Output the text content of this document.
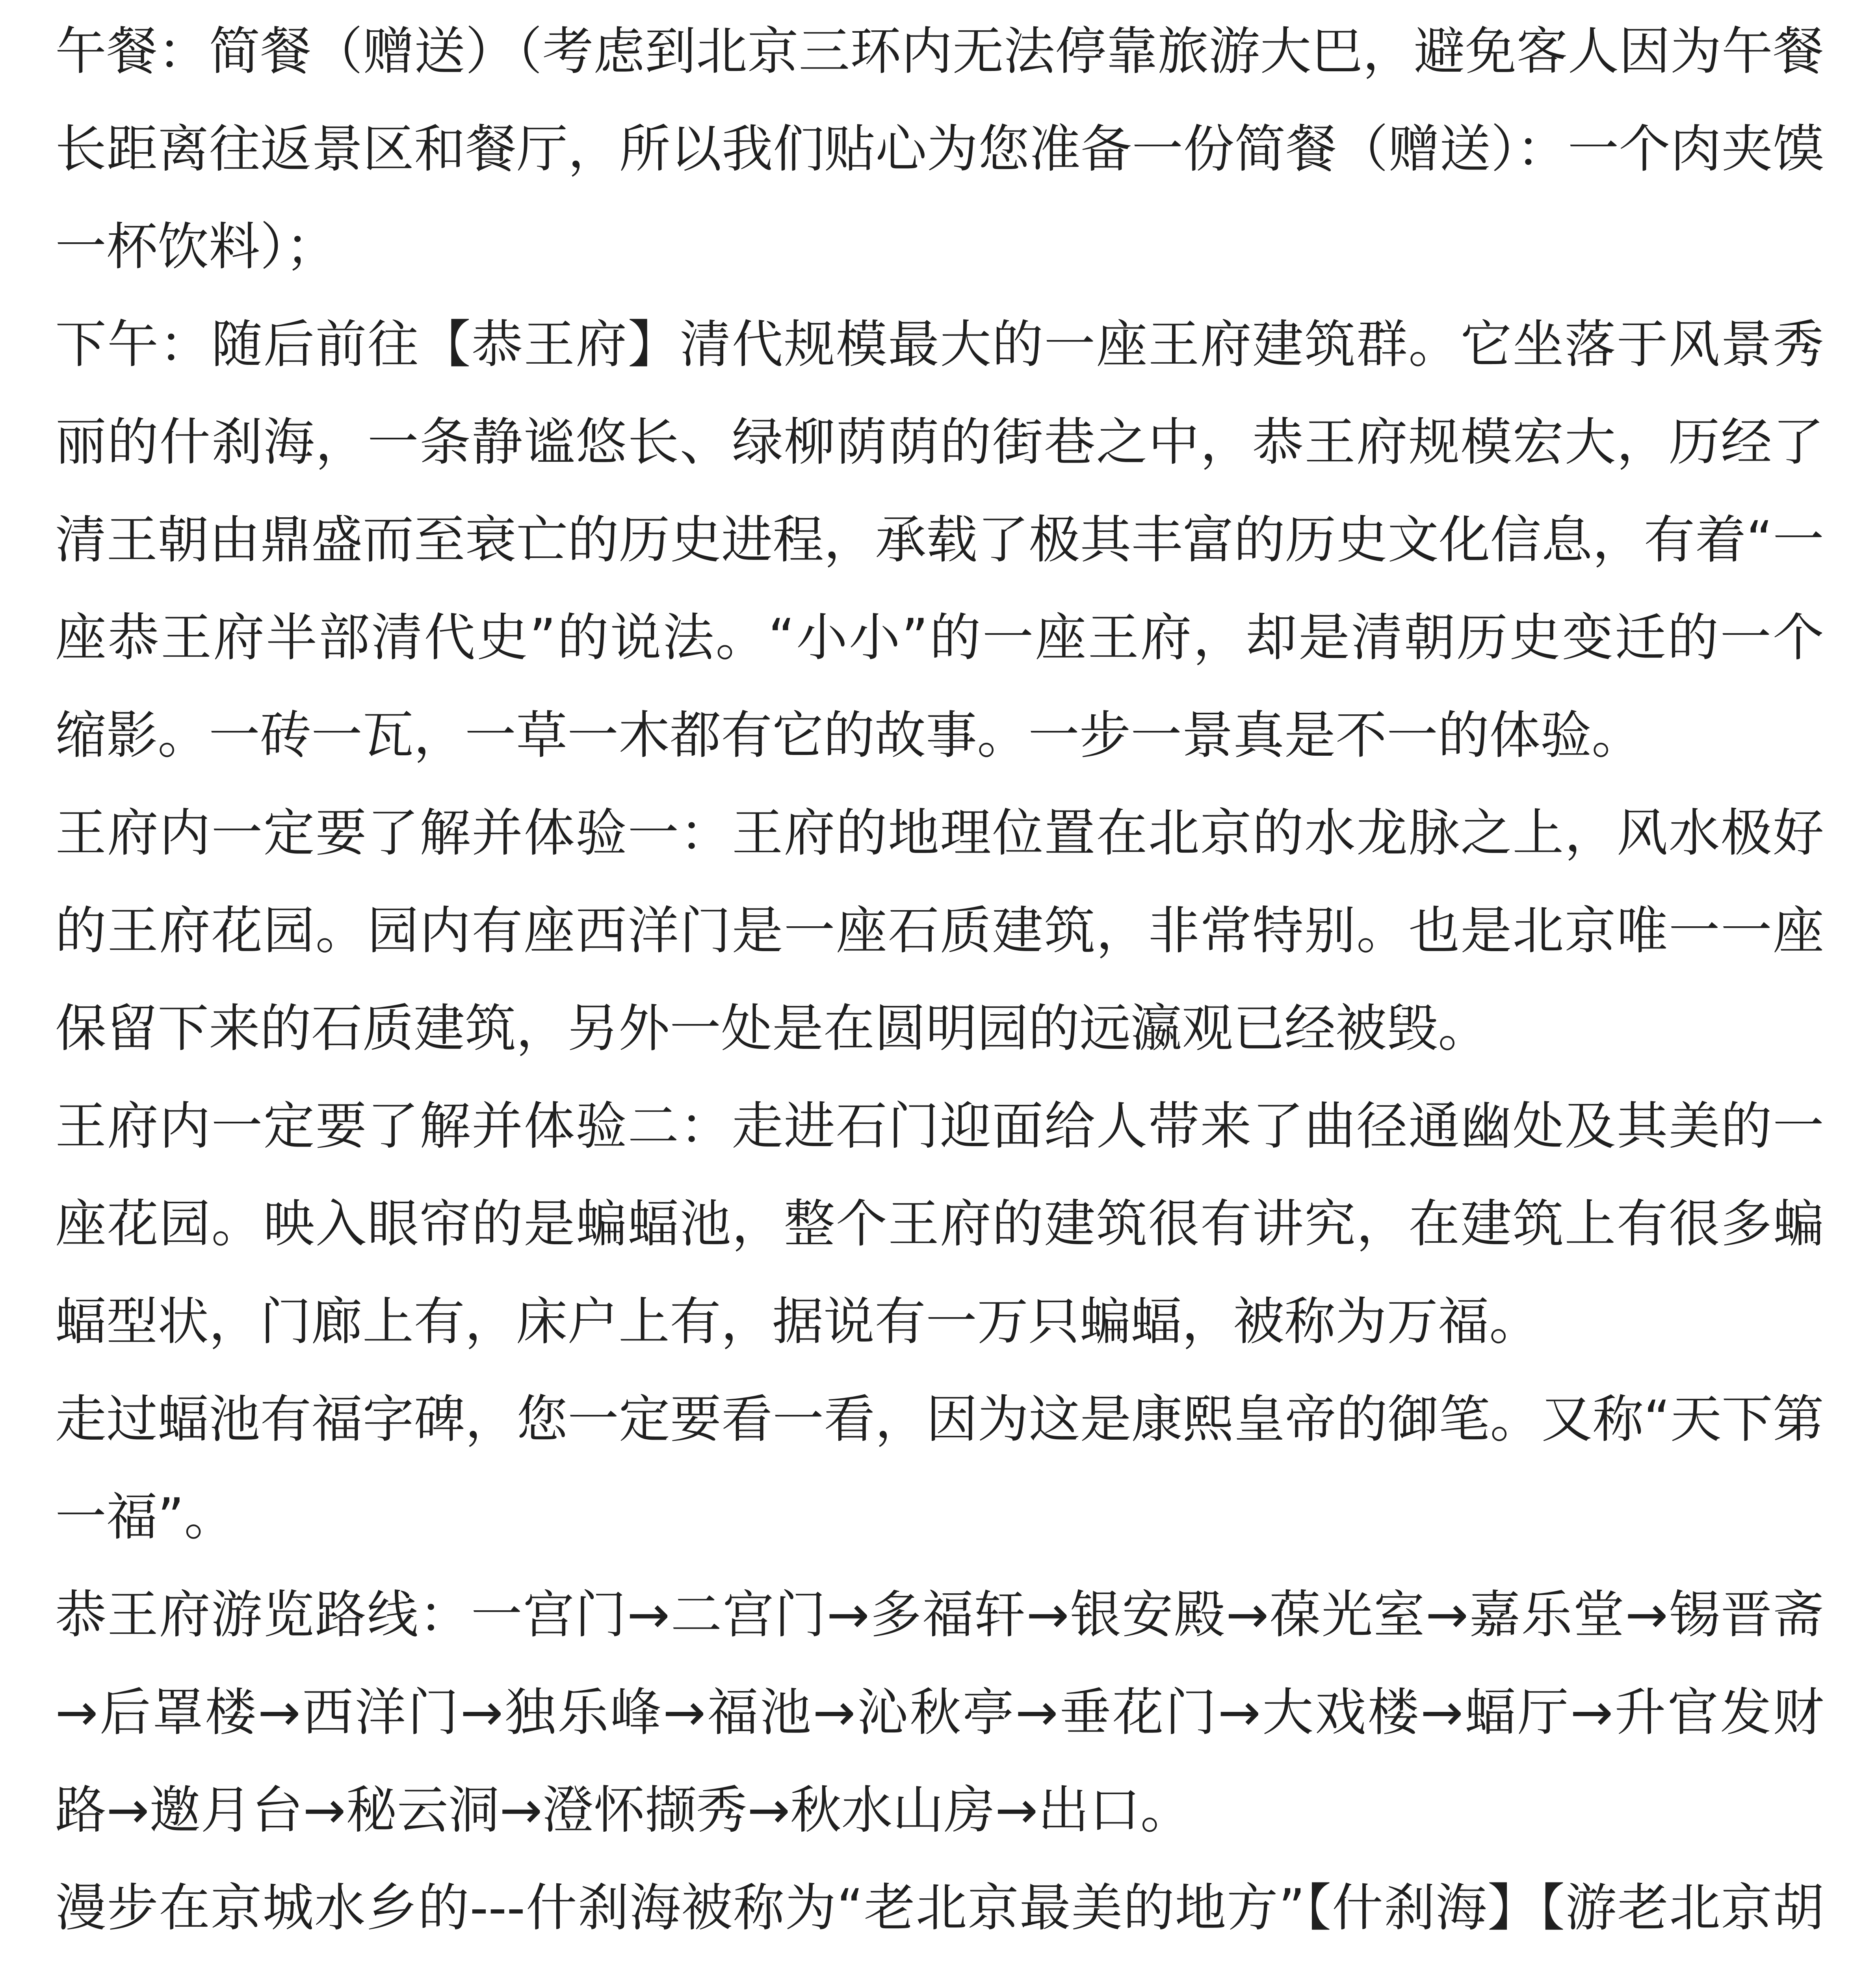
午餐：简餐（赠送）（考虑到北京三环内无法停靠旅游大巴，避免客人因为午餐长距离往返景区和餐厅，所以我们贴心为您准备一份简餐（赠送）：一个肉夹馍一杯饮料）；

下午：随后前往【恭王府】清代规模最大的一座王府建筑群。它坐落于风景秀丽的什刹海，一条静谧悠长、绿柳荫荫的街巷之中，恭王府规模宏大，历经了清王朝由鼎盛而至衰亡的历史进程，承载了极其丰富的历史文化信息，有着“一座恭王府半部清代史”的说法。“小小”的一座王府，却是清朝历史变迁的一个缩影。一砖一瓦，一草一木都有它的故事。一步一景真是不一的体验。

王府内一定要了解并体验一：王府的地理位置在北京的水龙脉之上，风水极好的王府花园。园内有座西洋门是一座石质建筑，非常特别。也是北京唯一一座保留下来的石质建筑，另外一处是在圆明园的远瀛观已经被毁。

王府内一定要了解并体验二：走进石门迎面给人带来了曲径通幽处及其美的一座花园。映入眼帘的是蝙蝠池，整个王府的建筑很有讲究，在建筑上有很多蝙蝠型状，门廊上有，床户上有，据说有一万只蝙蝠，被称为万福。

走过蝠池有福字碑，您一定要看一看，因为这是康熙皇帝的御笔。又称“天下第一福”。

恭王府游览路线：一宫门→二宫门→多福轩→银安殿→葆光室→嘉乐堂→锡晋斋→后罩楼→西洋门→独乐峰→福池→沁秋亭→垂花门→大戏楼→蝠厅→升官发财路→邀月台→秘云洞→澄怀撷秀→秋水山房→出口。

漫步在京城水乡的---什刹海被称为“老北京最美的地方”【什刹海】【游老北京胡
